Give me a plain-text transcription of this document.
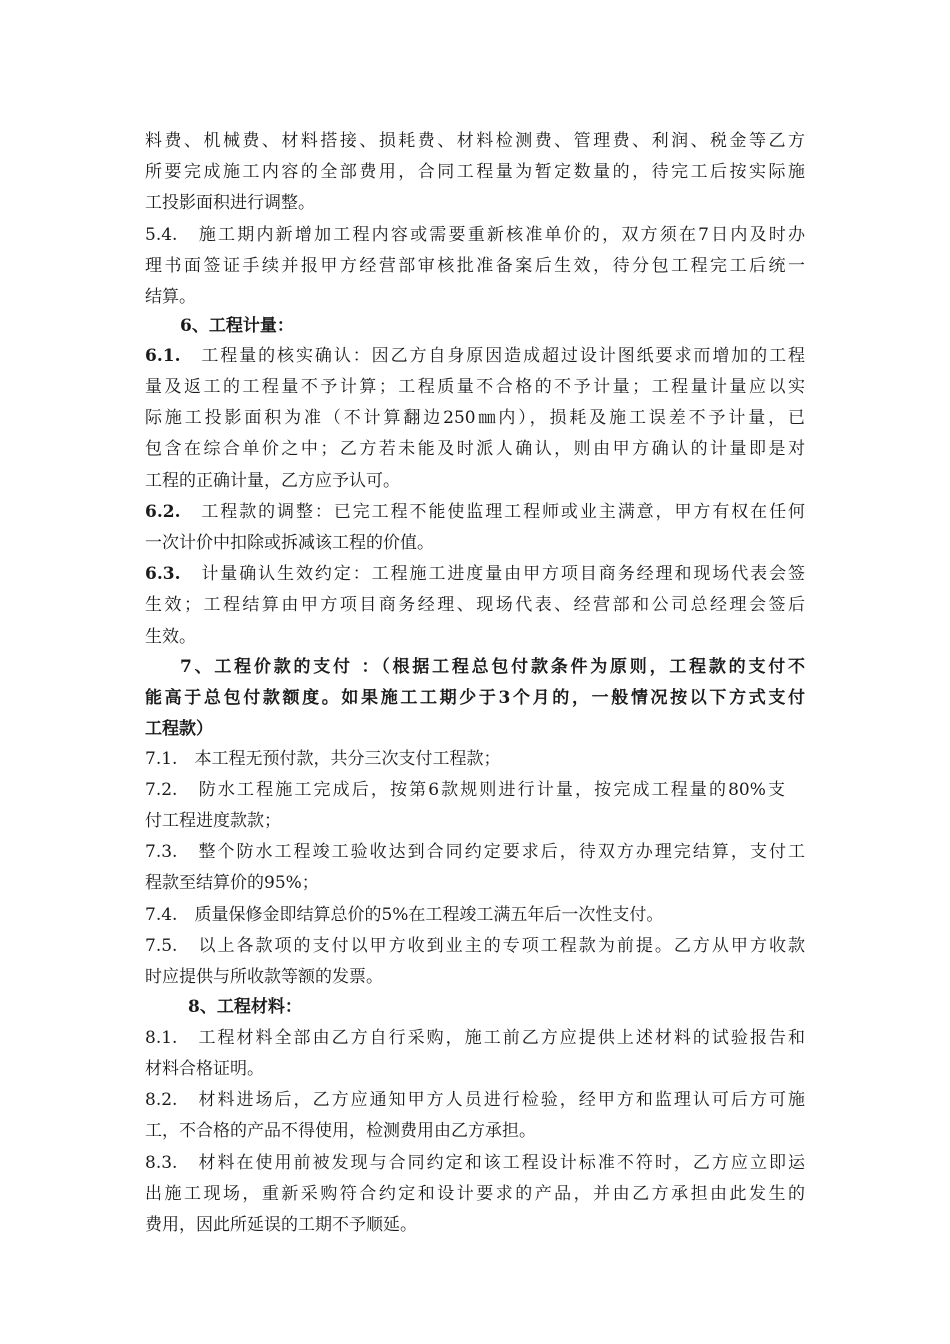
料费、机械费、材料搭接、损耗费、材料检测费、管理费、利润、税金等乙方
所要完成施工内容的全部费用，合同工程量为暂定数量的，待完工后按实际施
工投影面积进行调整。
5.4.　施工期内新增加工程内容或需要重新核准单价的，双方须在7日内及时办
理书面签证手续并报甲方经营部审核批准备案后生效，待分包工程完工后统一
结算。
6、工程计量：
6.1.　 工程量的核实确认：因乙方自身原因造成超过设计图纸要求而增加的工程
量及返工的工程量不予计算；工程质量不合格的不予计量；工程量计量应以实
际施工投影面积为准（不计算翻边250㎜内），损耗及施工误差不予计量，已
包含在综合单价之中；乙方若未能及时派人确认，则由甲方确认的计量即是对
工程的正确计量，乙方应予认可。
6.2.　 工程款的调整：已完工程不能使监理工程师或业主满意，甲方有权在任何
一次计价中扣除或拆减该工程的价值。
6.3.　 计量确认生效约定：工程施工进度量由甲方项目商务经理和现场代表会签
生效；工程结算由甲方项目商务经理、现场代表、经营部和公司总经理会签后
生效。
7、工程价款的支付 ：（根据工程总包付款条件为原则，工程款的支付不
能高于总包付款额度。如果施工工期少于3个月的，一般情况按以下方式支付
工程款）
7.1.　本工程无预付款，共分三次支付工程款；
7.2.　防水工程施工完成后，按第6款规则进行计量，按完成工程量的80%支
付工程进度款款；
7.3.　整个防水工程竣工验收达到合同约定要求后，待双方办理完结算，支付工
程款至结算价的95%；
7.4.　质量保修金即结算总价的5%在工程竣工满五年后一次性支付。
7.5.　以上各款项的支付以甲方收到业主的专项工程款为前提。乙方从甲方收款
时应提供与所收款等额的发票。
8、工程材料：
8.1.　工程材料全部由乙方自行采购，施工前乙方应提供上述材料的试验报告和
材料合格证明。
8.2.　材料进场后，乙方应通知甲方人员进行检验，经甲方和监理认可后方可施
工，不合格的产品不得使用，检测费用由乙方承担。
8.3.　材料在使用前被发现与合同约定和该工程设计标准不符时，乙方应立即运
出施工现场，重新采购符合约定和设计要求的产品，并由乙方承担由此发生的
费用，因此所延误的工期不予顺延。
